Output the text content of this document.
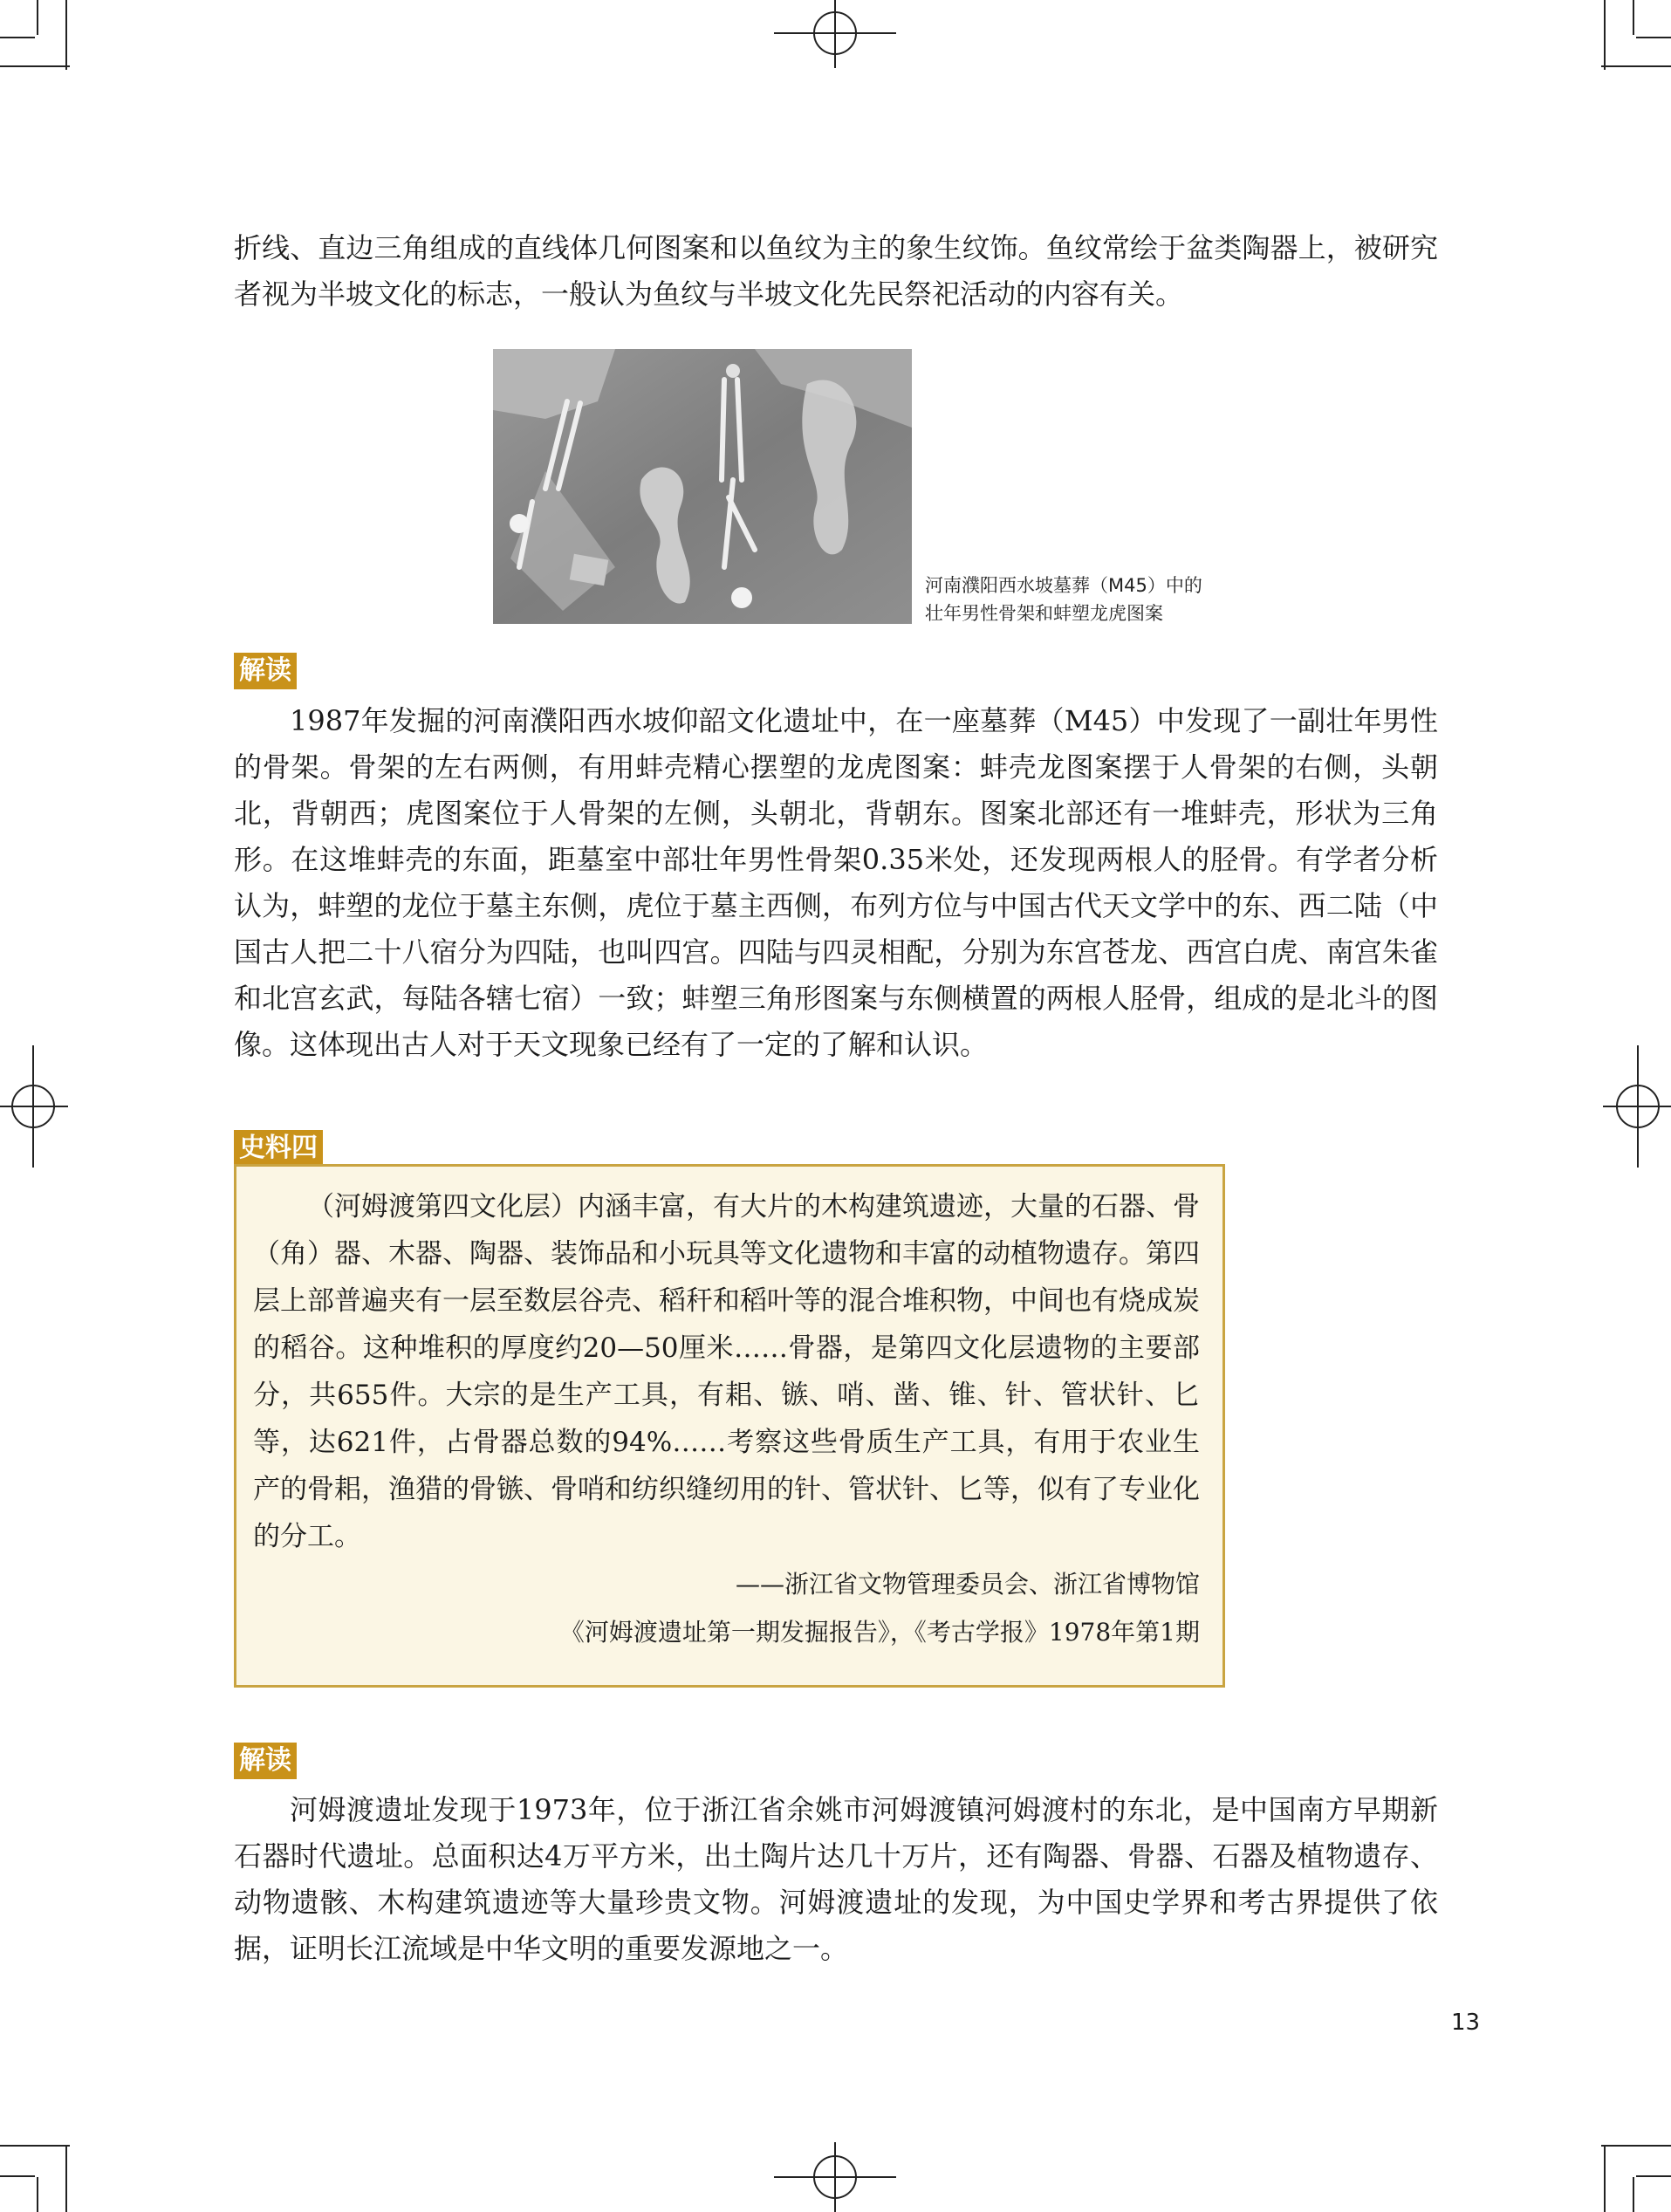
折线、直边三角组成的直线体几何图案和以鱼纹为主的象生纹饰。鱼纹常绘于盆类陶器上，被研究者视为半坡文化的标志，一般认为鱼纹与半坡文化先民祭祀活动的内容有关。

河南濮阳西水坡墓葬（M45）中的
壮年男性骨架和蚌塑龙虎图案
解读

1987年发掘的河南濮阳西水坡仰韶文化遗址中，在一座墓葬（M45）中发现了一副壮年男性的骨架。骨架的左右两侧，有用蚌壳精心摆塑的龙虎图案：蚌壳龙图案摆于人骨架的右侧，头朝北，背朝西；虎图案位于人骨架的左侧，头朝北，背朝东。图案北部还有一堆蚌壳，形状为三角形。在这堆蚌壳的东面，距墓室中部壮年男性骨架0.35米处，还发现两根人的胫骨。有学者分析认为，蚌塑的龙位于墓主东侧，虎位于墓主西侧，布列方位与中国古代天文学中的东、西二陆（中国古人把二十八宿分为四陆，也叫四宫。四陆与四灵相配，分别为东宫苍龙、西宫白虎、南宫朱雀和北宫玄武，每陆各辖七宿）一致；蚌塑三角形图案与东侧横置的两根人胫骨，组成的是北斗的图像。这体现出古人对于天文现象已经有了一定的了解和认识。

史料四

（河姆渡第四文化层）内涵丰富，有大片的木构建筑遗迹，大量的石器、骨（角）器、木器、陶器、装饰品和小玩具等文化遗物和丰富的动植物遗存。第四层上部普遍夹有一层至数层谷壳、稻秆和稻叶等的混合堆积物，中间也有烧成炭的稻谷。这种堆积的厚度约20—50厘米……骨器，是第四文化层遗物的主要部分，共655件。大宗的是生产工具，有耜、镞、哨、凿、锥、针、管状针、匕等，达621件，占骨器总数的94%……考察这些骨质生产工具，有用于农业生产的骨耜，渔猎的骨镞、骨哨和纺织缝纫用的针、管状针、匕等，似有了专业化的分工。

——浙江省文物管理委员会、浙江省博物馆

《河姆渡遗址第一期发掘报告》，《考古学报》1978年第1期

解读

河姆渡遗址发现于1973年，位于浙江省余姚市河姆渡镇河姆渡村的东北，是中国南方早期新石器时代遗址。总面积达4万平方米，出土陶片达几十万片，还有陶器、骨器、石器及植物遗存、动物遗骸、木构建筑遗迹等大量珍贵文物。河姆渡遗址的发现，为中国史学界和考古界提供了依据，证明长江流域是中华文明的重要发源地之一。

13
